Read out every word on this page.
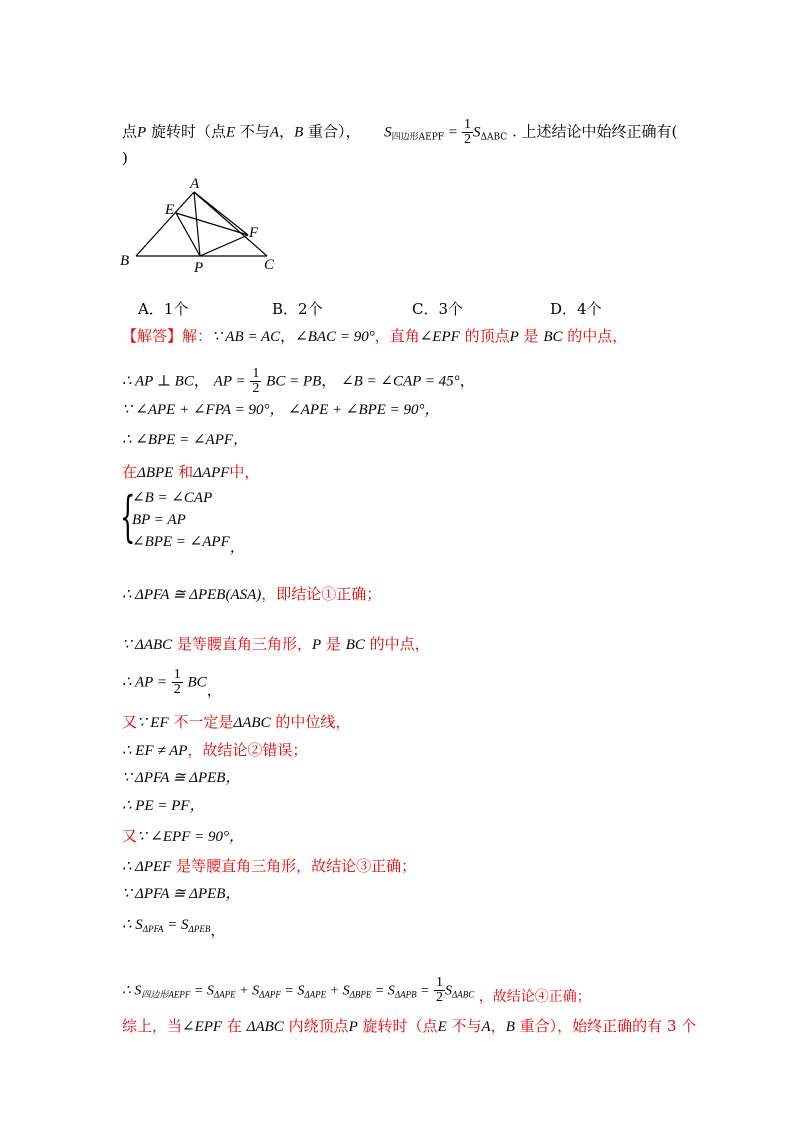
点P 旋转时（点E 不与A，B 重合）， $S_{四边形AEPF} = \frac{1}{2} S_{\Delta ABC}$ . 上述结论中始终正确有(
)
A
E
F
B	P	C
A．1个	B．2个	C．3个	D．4个
【解答】解：∵ AB = AC，∠BAC = 90°，直角∠EPF 的顶点P 是 BC 的中点，
∴ AP ⊥ BC， AP = $\frac{1}{2}$ BC = PB， ∠B = ∠CAP = 45°，
∵ ∠APE + ∠FPA = 90°， ∠APE + ∠BPE = 90°，
∴ ∠BPE = ∠APF，
在ΔBPE 和ΔAPF中，
{
∠B = ∠CAP
BP = AP
∠BPE = ∠APF，
∴ ΔPFA ≅ ΔPEB(ASA)，即结论①正确；
∵ ΔABC 是等腰直角三角形，P 是 BC 的中点，
∴ AP = $\frac{1}{2}$ BC，
又∵ EF 不一定是ΔABC 的中位线，
∴ EF ≠ AP，故结论②错误；
∵ ΔPFA ≅ ΔPEB，
∴ PE = PF，
又∵ ∠EPF = 90°，
∴ ΔPEF 是等腰直角三角形，故结论③正确；
∵ ΔPFA ≅ ΔPEB，
∴ $S_{\Delta PFA} = S_{\Delta PEB}$，
∴ $S_{四边形AEPF} = S_{\Delta APE} + S_{\Delta APF} = S_{\Delta APE} + S_{\Delta BPE} = S_{\Delta APB} = \frac{1}{2} S_{\Delta ABC}$ ，故结论④正确；
综上，当∠EPF 在 ΔABC 内绕顶点P 旋转时（点E 不与A，B 重合），始终正确的有 3 个
